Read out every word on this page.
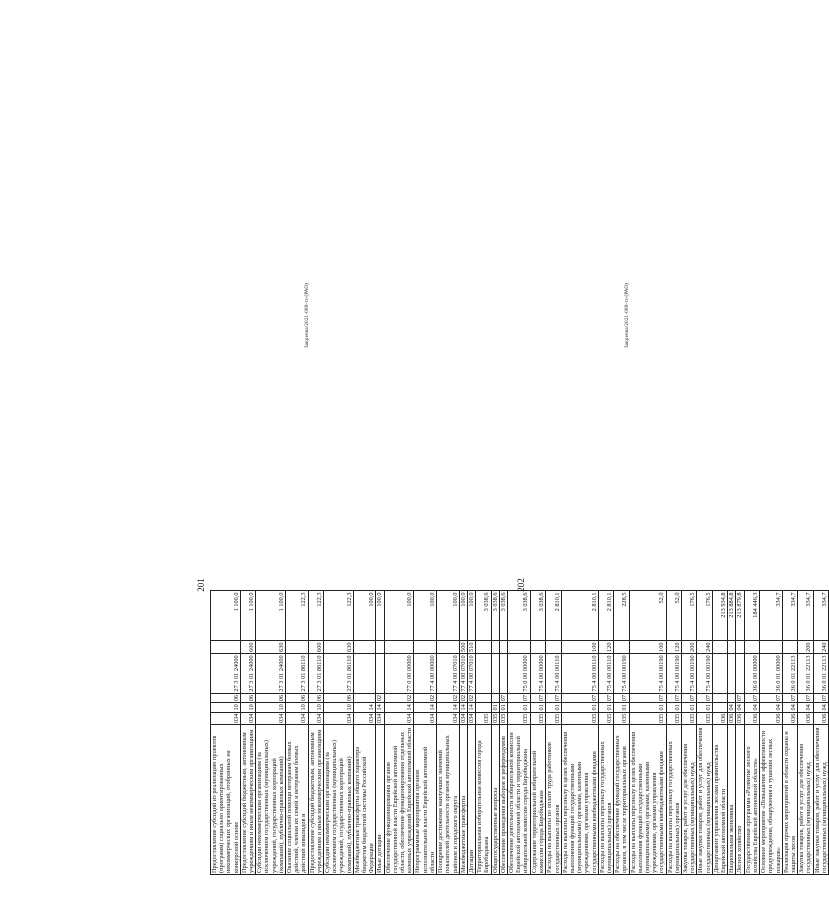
201
Предоставление субсидий из реализацию проектов (программ) социально ориентированных некоммерческих организаций, отобранных на конкурсной основе	034	10	06	27 3 01 24000		1 100,0
Предоставление субсидий бюджетным, автономным учреждениям и иным некоммерческим организациям	034	10	06	27 3 01 24000	600	1 100,0
Субсидии некоммерческим организациям (за исключением государственных (муниципальных) учреждений, государственных корпораций (компаний), публично-правовых компаний)	034	10	06	27 3 01 24000	630	1 100,0
Оказание социальной помощи ветеранам боевых действий, членам их семей и ветеранам боевых действий инвалидов и	034	10	06	27 3 01 86110		122,3
Предоставление субсидий бюджетным, автономным учреждениям и иным некоммерческим организациям	034	10	06	27 3 01 86110	600	122,3
Субсидии некоммерческим организациям (за исключением государственных (муниципальных) учреждений, государственных корпораций (компаний), публично-правовых компаний)	034	10	06	27 3 01 86110	630	122,3
Межбюджетные трансферты общего характера бюджетам бюджетной системы Российской Федерации	034	14				100,0
Иные дотации	034	14	02			100,0
Обеспечение функционирования органов государственной власти Еврейской автономной области, обеспечение функционирования отдельных казенных учреждений Еврейской автономной области	034	14	02	77 0 00 00000		100,0
Непрограммные мероприятия органов исполнительной власти Еврейской автономной области	034	14	02	77 4 00 00000		100,0
Поощрение достижения наилучших значений показателей деятельности органов муниципальных районов и городского округа	034	14	02	77 4 00 07010		100,0
Межбюджетные трансферты	034	14	02	77 4 00 07010	500	100,0
Дотации	034	14	02	77 4 00 07010	510	100,0
Территориальная избирательная комиссия города Биробиджана	035					3 038,6
Общегосударственные вопросы	035	01				3 038,6
Обеспечение проведения выборов и референдумов	035	01	07			3 038,6
Обеспечение деятельности избирательной комиссии Еврейской автономной области и территориальной избирательной комиссии города Биробиджана	035	01	07	75 0 00 00000		3 038,6
Закрепка/2021-008-тз-(РАО)
202
Содержание территориальной избирательной комиссии города Биробиджана	035	01	07	75 4 00 00000		3 038,6
Расходы на выплаты по оплате труда работников государственных органов	035	01	07	75 4 00 00110		2 810,1
Расходы на выплаты персоналу в целях обеспечения выполнения функций государственными (муниципальными) органами, казенными учреждениями, органами управления государственными внебюджетными фондами	035	01	07	75 4 00 00110	100	2 810,1
Расходы на выплаты персоналу государственных (муниципальных) органов	035	01	07	75 4 00 00110	120	2 810,1
Расходы на обеспечение функций государственных органов, в том числе территориальных органов	035	01	07	75 4 00 00190		228,5
Расходы на выплаты персоналу в целях обеспечения выполнения функций государственными (муниципальными) органами, казенными учреждениями, органами управления государственными внебюджетными фондами	035	01	07	75 4 00 00190	100	52,0
Расходы на выплаты персоналу государственных (муниципальных) органов	035	01	07	75 4 00 00190	120	52,0
Закупка товаров, работ и услуг для обеспечения государственных (муниципальных) нужд	035	01	07	75 4 00 00190	200	176,5
Иные закупки товаров, работ и услуг для обеспечения государственных (муниципальных) нужд	035	01	07	75 4 00 00190	240	176,5
Департамент управления лесами правительства Еврейской автономной области	036					213 934,8
Национальная экономика	036	04				213 884,8
Лесное хозяйство	036	04	07			213 879,8
Государственная программа «Развитие лесного хозяйства Еврейской автономной области»	036	04	07	36 0 00 00000		184 446,3
Основное мероприятие «Повышение эффективности предупреждения, обнаружения и тушения лесных пожаров»	036	04	07	36 0 01 00000		334,7
Реализация прочих мероприятий в области охраны и защиты лесов	036	04	07	36 0 01 22113		334,7
Закупка товаров, работ и услуг для обеспечения государственных (муниципальных) нужд	036	04	07	36 0 01 22113	200	334,7
Иные закупки товаров, работ и услуг для обеспечения государственных (муниципальных) нужд	036	04	07	36 0 01 22113	240	334,7
Закрепка/2021-008-тз-(РАО)
